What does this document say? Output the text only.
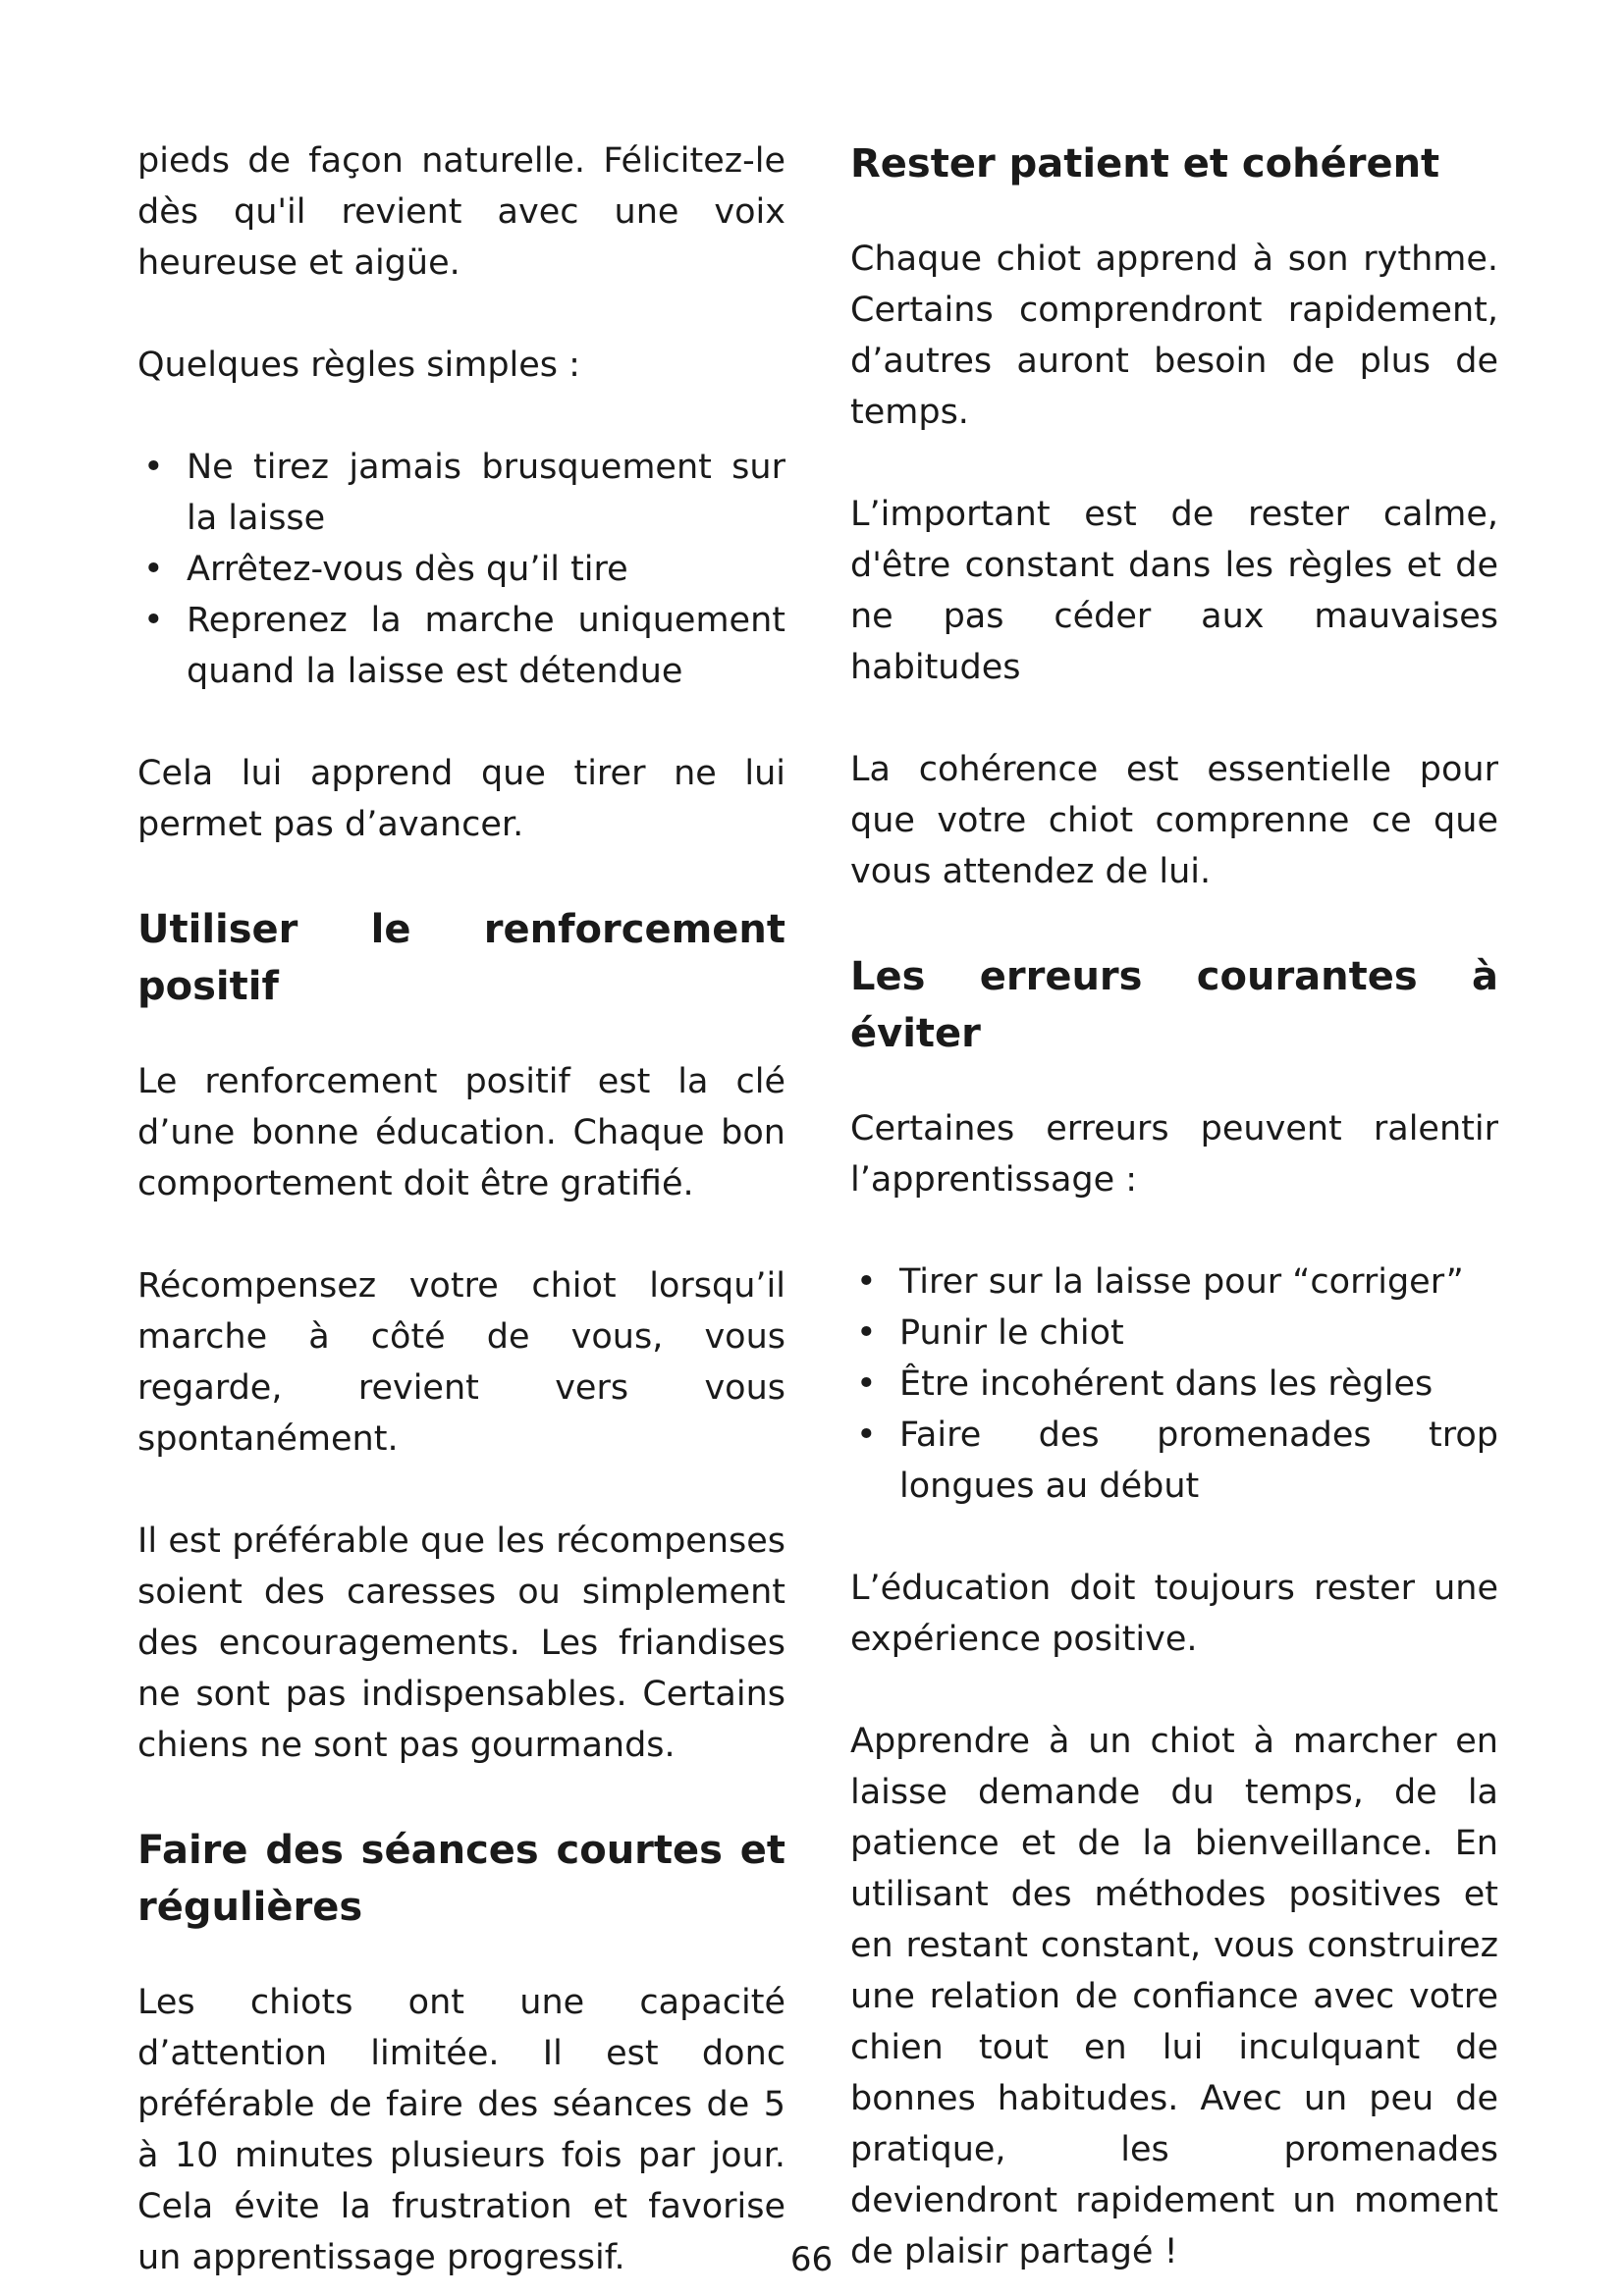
pieds de façon naturelle. Félicitez-le dès qu'il revient avec une voix heureuse et aigüe.

Quelques règles simples :

• Ne tirez jamais brusquement sur la laisse
• Arrêtez-vous dès qu’il tire
• Reprenez la marche uniquement quand la laisse est détendue

Cela lui apprend que tirer ne lui permet pas d’avancer.

Utiliser le renforcement positif

Le renforcement positif est la clé d’une bonne éducation. Chaque bon comportement doit être gratifié.

Récompensez votre chiot lorsqu’il marche à côté de vous, vous regarde, revient vers vous spontanément.

Il est préférable que les récompenses soient des caresses ou simplement des encouragements. Les friandises ne sont pas indispensables. Certains chiens ne sont pas gourmands.

Faire des séances courtes et régulières

Les chiots ont une capacité d’attention limitée. Il est donc préférable de faire des séances de 5 à 10 minutes plusieurs fois par jour. Cela évite la frustration et favorise un apprentissage progressif.

Rester patient et cohérent

Chaque chiot apprend à son rythme. Certains comprendront rapidement, d’autres auront besoin de plus de temps.

L’important est de rester calme, d'être constant dans les règles et de ne pas céder aux mauvaises habitudes

La cohérence est essentielle pour que votre chiot comprenne ce que vous attendez de lui.

Les erreurs courantes à éviter

Certaines erreurs peuvent ralentir l’apprentissage :

• Tirer sur la laisse pour “corriger”
• Punir le chiot
• Être incohérent dans les règles
• Faire des promenades trop longues au début

L’éducation doit toujours rester une expérience positive.

Apprendre à un chiot à marcher en laisse demande du temps, de la patience et de la bienveillance. En utilisant des méthodes positives et en restant constant, vous construirez une relation de confiance avec votre chien tout en lui inculquant de bonnes habitudes. Avec un peu de pratique, les promenades deviendront rapidement un moment de plaisir partagé !

66
